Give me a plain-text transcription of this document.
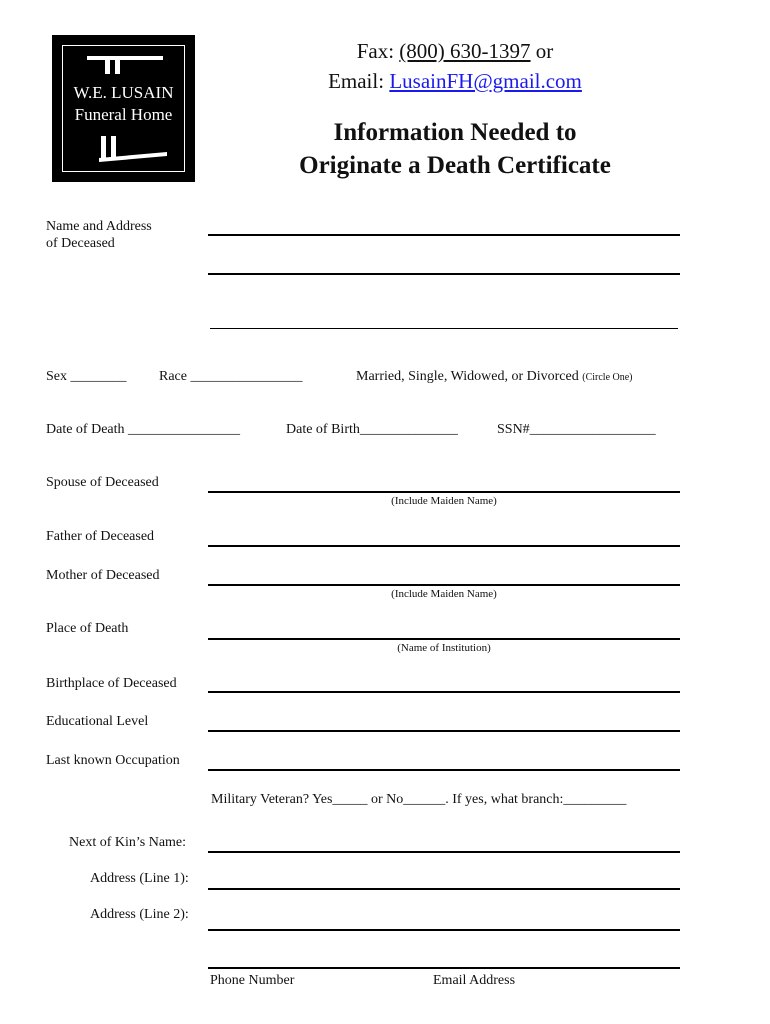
W.E. LUSAIN
Funeral Home
Fax: (800) 630-1397 or
Email: LusainFH@gmail.com
Information Needed to
Originate a Death Certificate
Name and Address
of Deceased
Sex ________ Race ________________	Married, Single, Widowed, or Divorced (Circle One)
Date of Death ________________	Date of Birth______________	SSN#__________________
Spouse of Deceased
(Include Maiden Name)
Father of Deceased
Mother of Deceased
(Include Maiden Name)
Place of Death
(Name of Institution)
Birthplace of Deceased
Educational Level
Last known Occupation
Military Veteran? Yes_____ or No______. If yes, what branch:_________
Next of Kin’s Name:
Address (Line 1):
Address (Line 2):
Phone Number	Email Address
